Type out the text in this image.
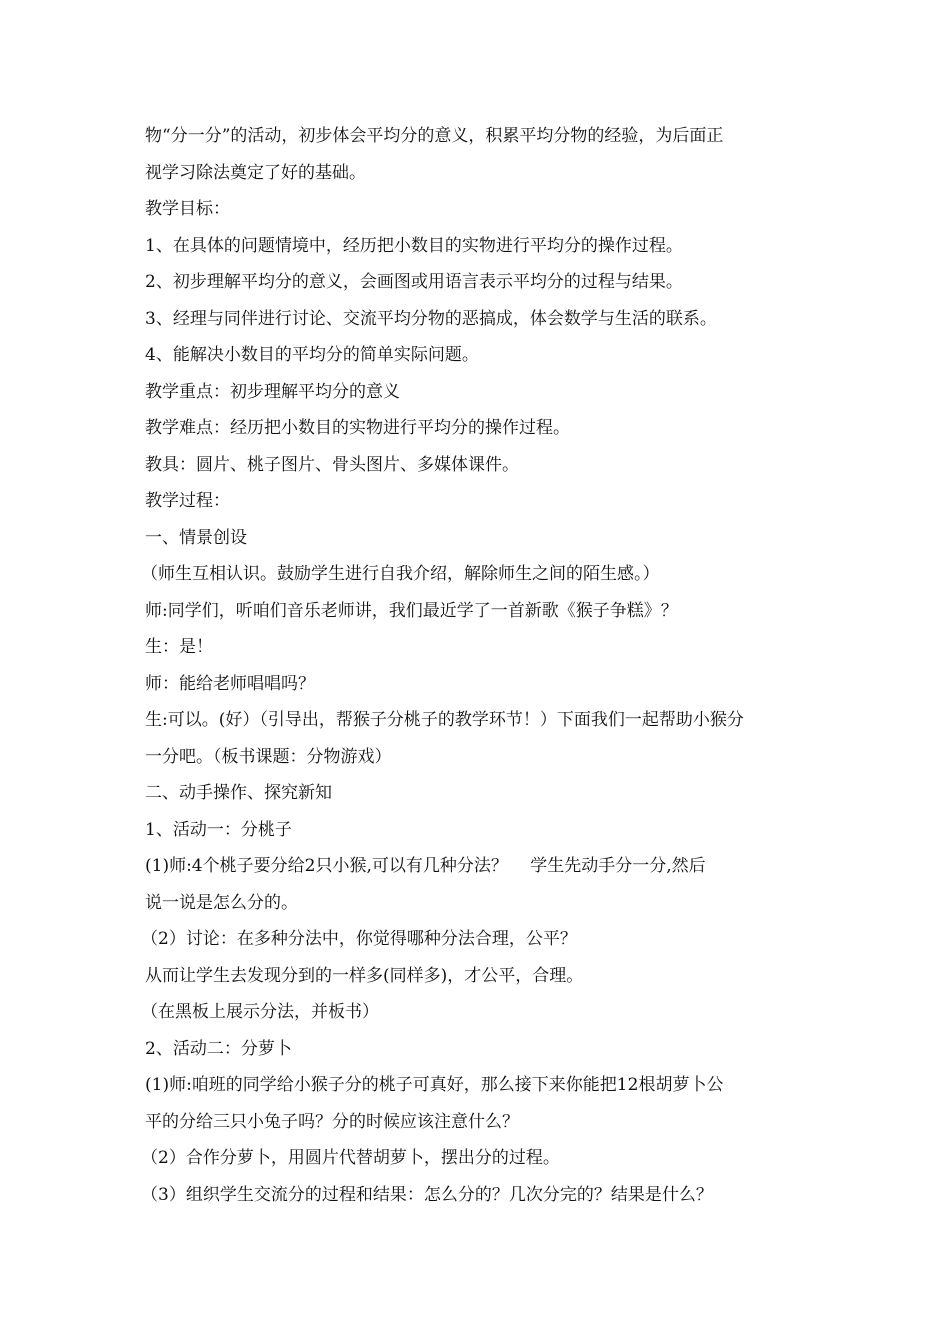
物“分一分”的活动，初步体会平均分的意义，积累平均分物的经验，为后面正
视学习除法奠定了好的基础。
教学目标：
1、在具体的问题情境中，经历把小数目的实物进行平均分的操作过程。
2、初步理解平均分的意义，会画图或用语言表示平均分的过程与结果。
3、经理与同伴进行讨论、交流平均分物的恶搞成，体会数学与生活的联系。
4、能解决小数目的平均分的简单实际问题。
教学重点：初步理解平均分的意义
教学难点：经历把小数目的实物进行平均分的操作过程。
教具：圆片、桃子图片、骨头图片、多媒体课件。
教学过程：
一、情景创设
（师生互相认识。鼓励学生进行自我介绍，解除师生之间的陌生感。）
师:同学们，听咱们音乐老师讲，我们最近学了一首新歌《猴子争糕》？
生：是！
师：能给老师唱唱吗？
生:可以。(好）（引导出，帮猴子分桃子的教学环节！）下面我们一起帮助小猴分
一分吧。（板书课题：分物游戏）
二、动手操作、探究新知
1、活动一：分桃子
(1)师:4个桃子要分给2只小猴,可以有几种分法？　 学生先动手分一分,然后
说一说是怎么分的。
（2）讨论：在多种分法中，你觉得哪种分法合理，公平？
从而让学生去发现分到的一样多(同样多)，才公平，合理。
（在黑板上展示分法，并板书）
2、活动二：分萝卜
(1)师:咱班的同学给小猴子分的桃子可真好，那么接下来你能把12根胡萝卜公
平的分给三只小兔子吗？分的时候应该注意什么？
（2）合作分萝卜，用圆片代替胡萝卜，摆出分的过程。
（3）组织学生交流分的过程和结果：怎么分的？几次分完的？结果是什么？
